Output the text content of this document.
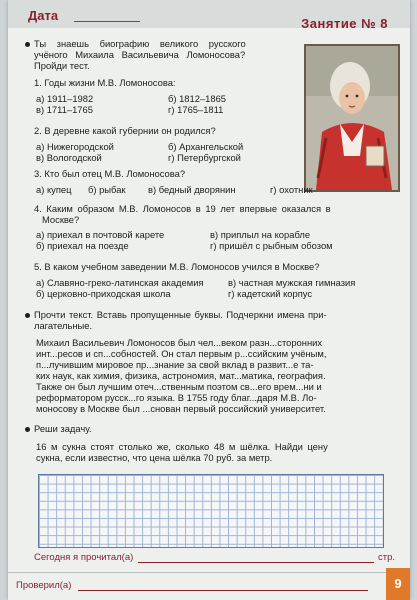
Дата
Занятие № 8
Ты знаешь биографию великого русского
учёного Михаила Васильевича Ломоносова?
Пройди тест.
1. Годы жизни М.В. Ломоносова:
а) 1911–1982	б) 1812–1865
в) 1711–1765	г) 1765–1811
2. В деревне какой губернии он родился?
а) Нижегородской	б) Архангельской
в) Вологодской	г) Петербургской
3. Кто был отец М.В. Ломоносова?
а) купец б) рыбак в) бедный дворянин	г) охотник
4. Каким образом М.В. Ломоносов в 19 лет впервые оказался в
Москве?
а) приехал в почтовой карете	в) приплыл на корабле
б) приехал на поезде	г) пришёл с рыбным обозом
5. В каком учебном заведении М.В. Ломоносов учился в Москве?
а) Славяно-греко-латинская академия	в) частная мужская гимназия
б) церковно-приходская школа	г) кадетский корпус
Прочти текст. Вставь пропущенные буквы. Подчеркни имена при-
лагательные.
Михаил Васильевич Ломоносов был чел...веком разн...сторонних
инт...ресов и сп...собностей. Он стал первым р...ссийским учёным,
п...лучившим мировое пр...знание за свой вклад в развит...е та-
ких наук, как химия, физика, астрономия, мат...матика, география.
Также он был лучшим отеч...ственным поэтом св...его врем...ни и
реформатором русск...го языка. В 1755 году благ...даря М.В. Ло-
моносову в Москве был ...снован первый российский университет.
Реши задачу.
16 м сукна стоят столько же, сколько 48 м шёлка. Найди цену
сукна, если известно, что цена шёлка 70 руб. за метр.
Сегодня я прочитал(а)	стр.
Проверил(а)	9
